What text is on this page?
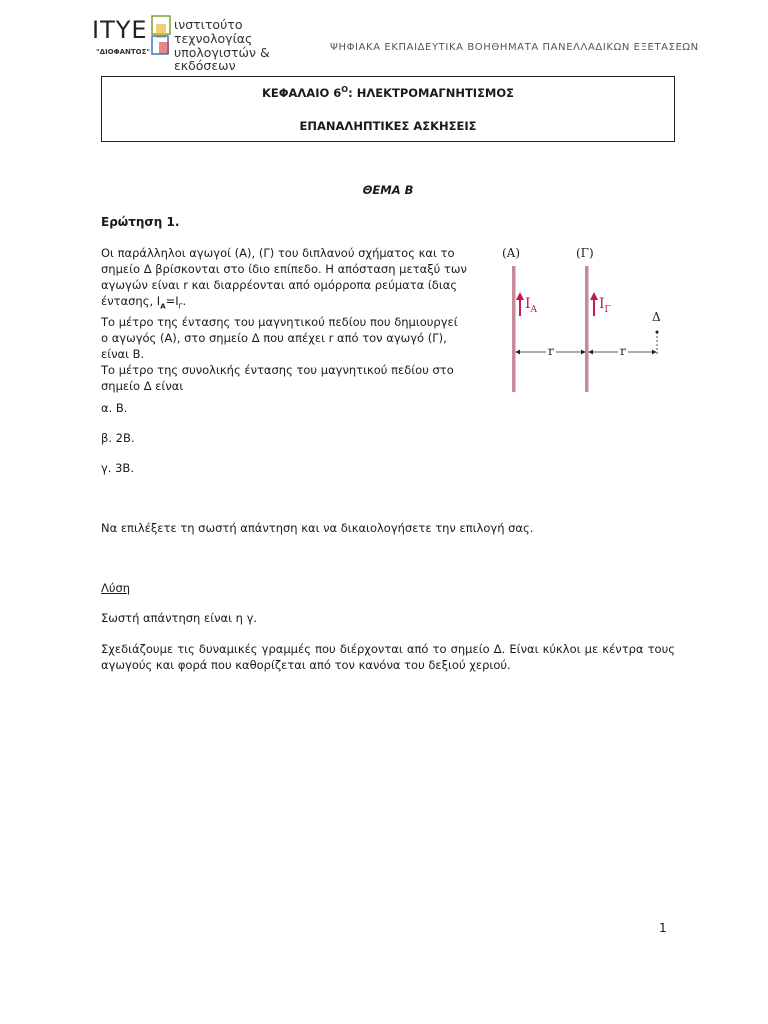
ITYE
"ΔΙΟΦΑΝΤΟΣ"
ινστιτούτο
τεχνολογίας
υπολογιστών & εκδόσεων
ΨΗΦΙΑΚΑ ΕΚΠΑΙΔΕΥΤΙΚΑ ΒΟΗΘΗΜΑΤΑ ΠΑΝΕΛΛΑΔΙΚΩΝ ΕΞΕΤΑΣΕΩΝ
ΚΕΦΑΛΑΙΟ $6^O$: ΗΛΕΚΤΡΟΜΑΓΝΗΤΙΣΜΟΣ
ΕΠΑΝΑΛΗΠΤΙΚΕΣ ΑΣΚΗΣΕΙΣ
ΘΕΜΑ Β
Ερώτηση 1.
Οι παράλληλοι αγωγοί (Α), (Γ) του διπλανού σχήματος και το
σημείο Δ βρίσκονται στο ίδιο επίπεδο. Η απόσταση μεταξύ των
αγωγών είναι r και διαρρέονται από ομόρροπα ρεύματα ίδιας
έντασης, $I_A=I_\Gamma$.
Το μέτρο της έντασης του μαγνητικού πεδίου που δημιουργεί
ο αγωγός (Α), στο σημείο Δ που απέχει r από τον αγωγό (Γ),
είναι Β.
Το μέτρο της συνολικής έντασης του μαγνητικού πεδίου στο
σημείο Δ είναι
(Α)	(Γ)
$I_A$	$I_\Gamma$
Δ
r	r
α. Β.
β. 2Β.
γ. 3Β.
Να επιλέξετε τη σωστή απάντηση και να δικαιολογήσετε την επιλογή σας.
Λύση
Σωστή απάντηση είναι η γ.
Σχεδιάζουμε τις δυναμικές γραμμές που διέρχονται από το σημείο Δ. Είναι κύκλοι με κέντρα τους αγωγούς και φορά που καθορίζεται από τον κανόνα του δεξιού χεριού.
1
